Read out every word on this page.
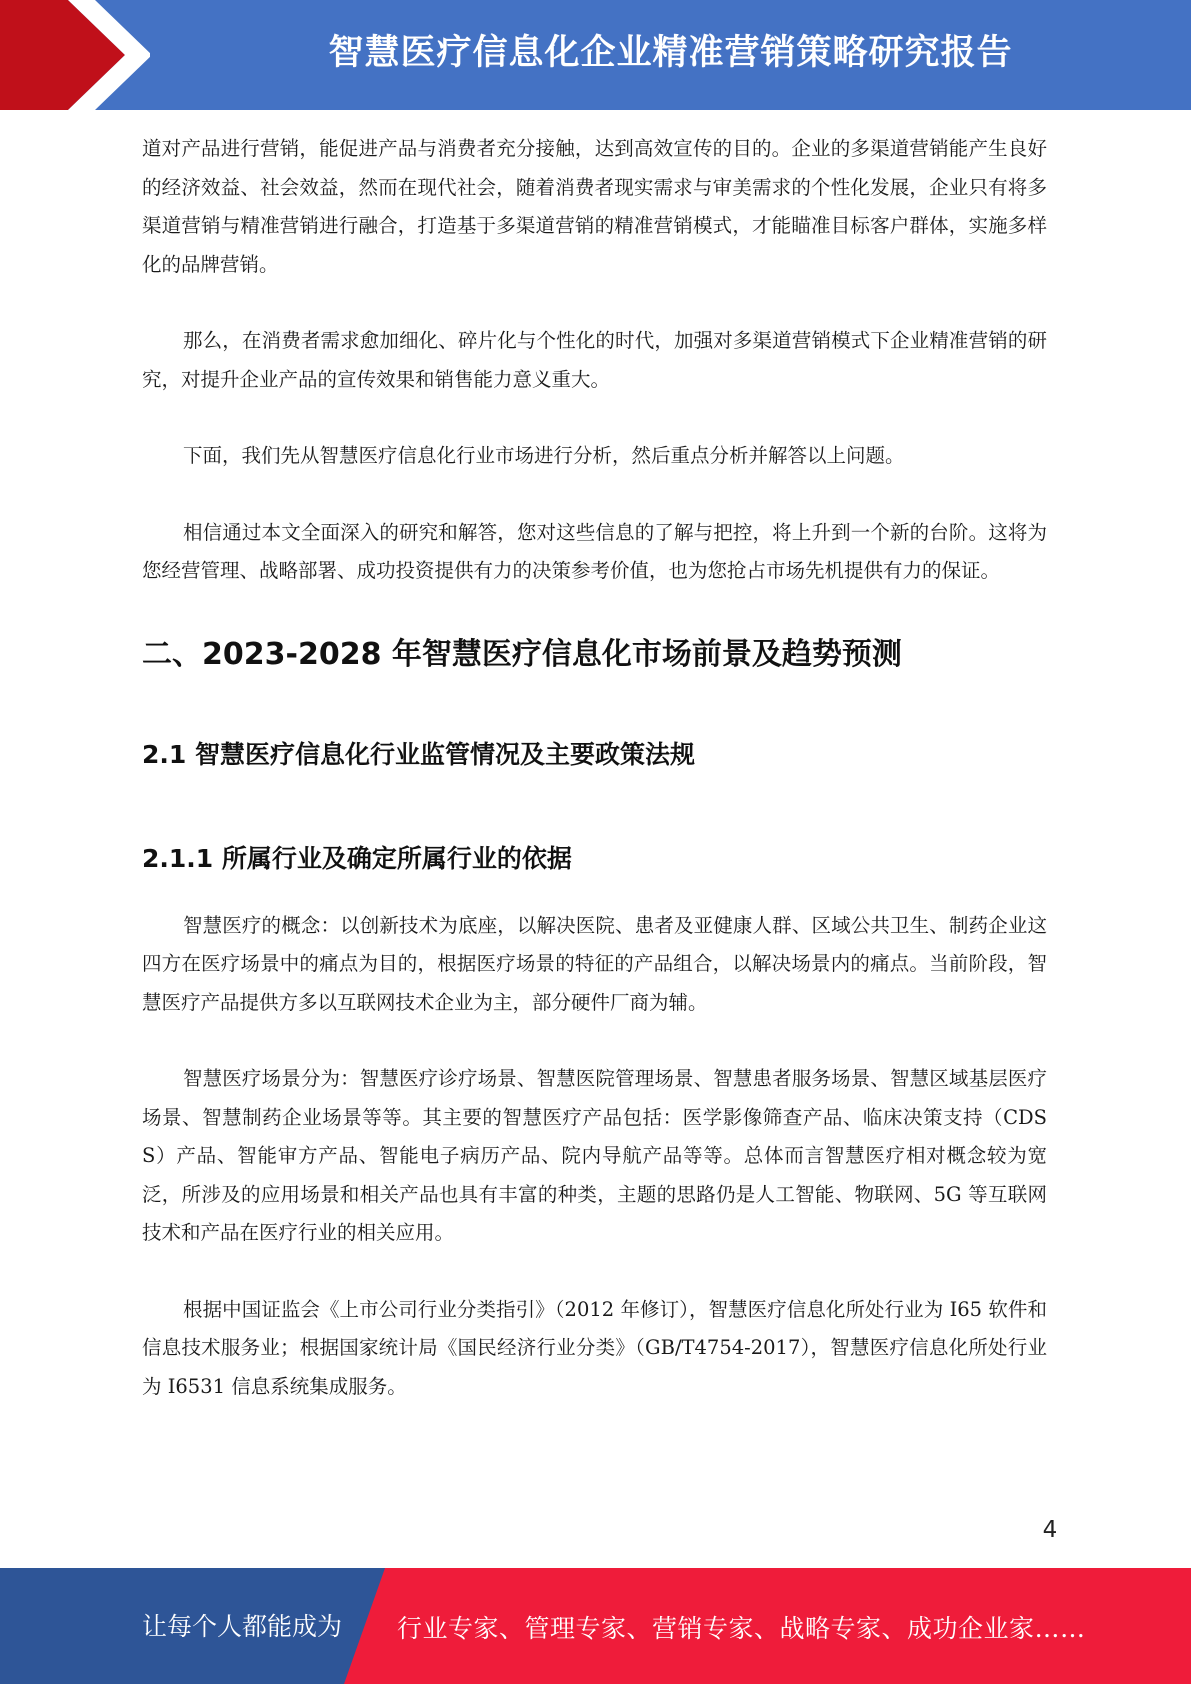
智慧医疗信息化企业精准营销策略研究报告

道对产品进行营销，能促进产品与消费者充分接触，达到高效宣传的目的。企业的多渠道营销能产生良好的经济效益、社会效益，然而在现代社会，随着消费者现实需求与审美需求的个性化发展，企业只有将多渠道营销与精准营销进行融合，打造基于多渠道营销的精准营销模式，才能瞄准目标客户群体，实施多样化的品牌营销。

那么，在消费者需求愈加细化、碎片化与个性化的时代，加强对多渠道营销模式下企业精准营销的研究，对提升企业产品的宣传效果和销售能力意义重大。

下面，我们先从智慧医疗信息化行业市场进行分析，然后重点分析并解答以上问题。

相信通过本文全面深入的研究和解答，您对这些信息的了解与把控，将上升到一个新的台阶。这将为您经营管理、战略部署、成功投资提供有力的决策参考价值，也为您抢占市场先机提供有力的保证。

二、2023-2028 年智慧医疗信息化市场前景及趋势预测
2.1 智慧医疗信息化行业监管情况及主要政策法规
2.1.1 所属行业及确定所属行业的依据

智慧医疗的概念：以创新技术为底座，以解决医院、患者及亚健康人群、区域公共卫生、制药企业这四方在医疗场景中的痛点为目的，根据医疗场景的特征的产品组合，以解决场景内的痛点。当前阶段，智慧医疗产品提供方多以互联网技术企业为主，部分硬件厂商为辅。

智慧医疗场景分为：智慧医疗诊疗场景、智慧医院管理场景、智慧患者服务场景、智慧区域基层医疗场景、智慧制药企业场景等等。其主要的智慧医疗产品包括：医学影像筛查产品、临床决策支持（CDSS）产品、智能审方产品、智能电子病历产品、院内导航产品等等。总体而言智慧医疗相对概念较为宽泛，所涉及的应用场景和相关产品也具有丰富的种类，主题的思路仍是人工智能、物联网、5G 等互联网技术和产品在医疗行业的相关应用。

根据中国证监会《上市公司行业分类指引》（2012 年修订），智慧医疗信息化所处行业为 I65 软件和信息技术服务业；根据国家统计局《国民经济行业分类》（GB/T4754-2017），智慧医疗信息化所处行业为 I6531 信息系统集成服务。

4
让每个人都能成为 行业专家、管理专家、营销专家、战略专家、成功企业家……
